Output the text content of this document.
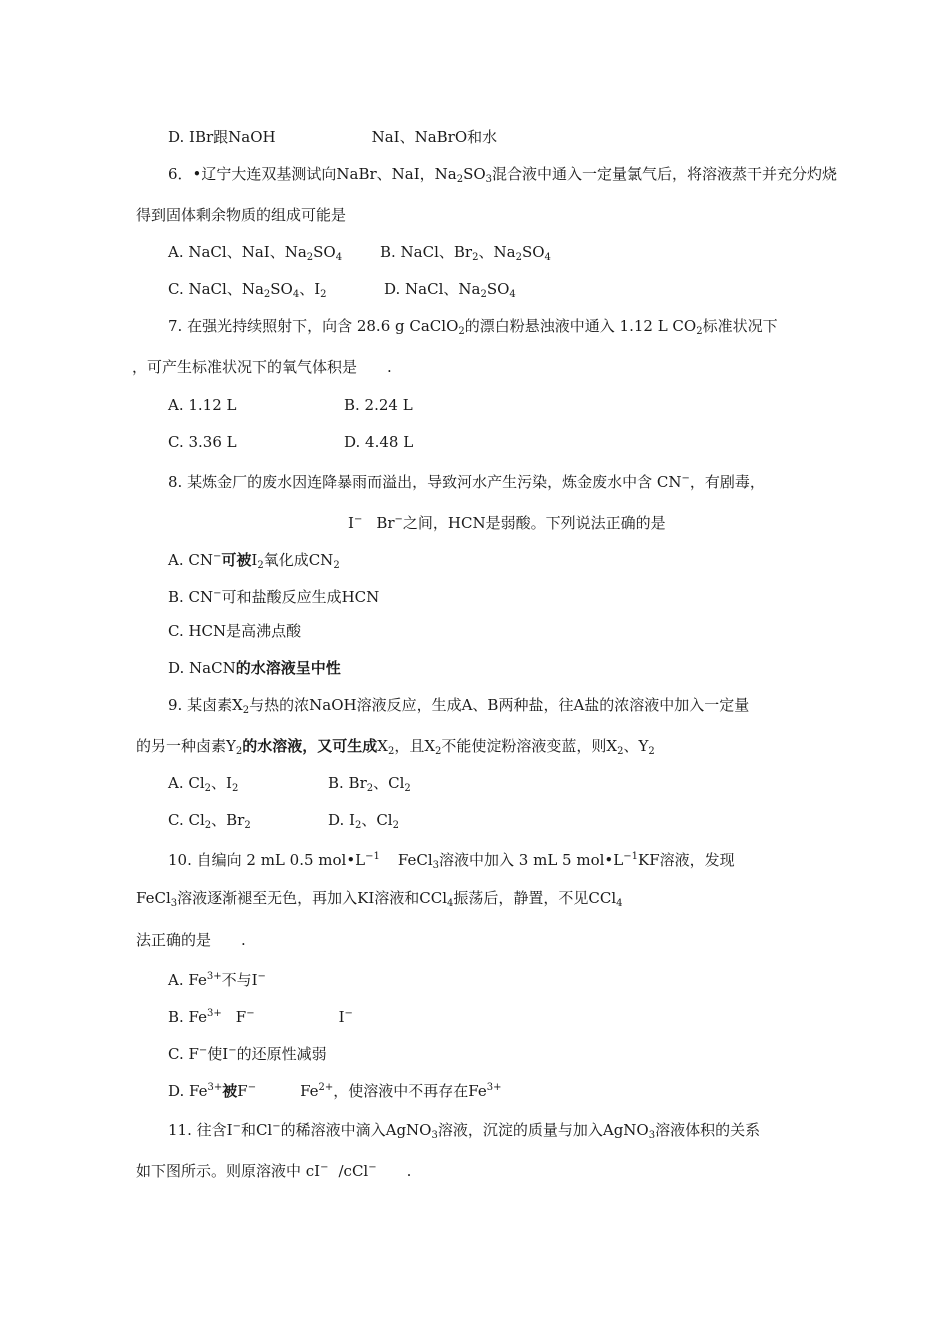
D. IBr跟NaOH	NaI、NaBrO和水
6．•辽宁大连双基测试向NaBr、NaI，$Na_2SO_3$混合液中通入一定量氯气后，将溶液蒸干并充分灼烧
得到固体剩余物质的组成可能是
A. NaCl、NaI、$Na_2SO_4$	B. NaCl、$Br_2$、$Na_2SO_4$
C. NaCl、$Na_2SO_4$、$I_2$	D. NaCl、$Na_2SO_4$
7. 在强光持续照射下，向含 28.6 g CaClO$_2$的漂白粉悬浊液中通入 1.12 L $CO_2$标准状况下
，可产生标准状况下的氧气体积是 .
A. 1.12 L	B. 2.24 L
C. 3.36 L	D. 4.48 L
8. 某炼金厂的废水因连降暴雨而溢出，导致河水产生污染，炼金废水中含 CN−，有剧毒，
I− Br−之间，HCN是弱酸。下列说法正确的是
A. CN−可被$I_2$氧化成$CN_2$
B. CN−可和盐酸反应生成HCN
C. HCN是高沸点酸
D. NaCN的水溶液呈中性
9. 某卤素$X_2$与热的浓NaOH溶液反应，生成A、B两种盐，往A盐的浓溶液中加入一定量
的另一种卤素$Y_2$的水溶液，又可生成$X_2$，且$X_2$不能使淀粉溶液变蓝，则$X_2$、$Y_2$
A. $Cl_2$、$I_2$	B. $Br_2$、$Cl_2$
C. $Cl_2$、$Br_2$	D. $I_2$、$Cl_2$
10. 自编向 2 mL 0.5 $mol•L^{-1}$ FeCl$_3$溶液中加入 3 mL 5 $mol•L^{-1}KF$溶液，发现
FeCl$_3$溶液逐渐褪至无色，再加入KI溶液和CCl$_4$振荡后，静置，不见CCl$_4$
法正确的是 .
A. $Fe^{3+}$不与I−
B. $Fe^{3+}$ F−	I−
C. F−使I−的还原性减弱
D. $Fe^{3+}$被F−	$Fe^{2+}$，使溶液中不再存在$Fe^{3+}$
11. 往含I−和Cl−的稀溶液中滴入AgNO$_3$溶液，沉淀的质量与加入AgNO$_3$溶液体积的关系
如下图所示。则原溶液中 cI− /cCl− .
